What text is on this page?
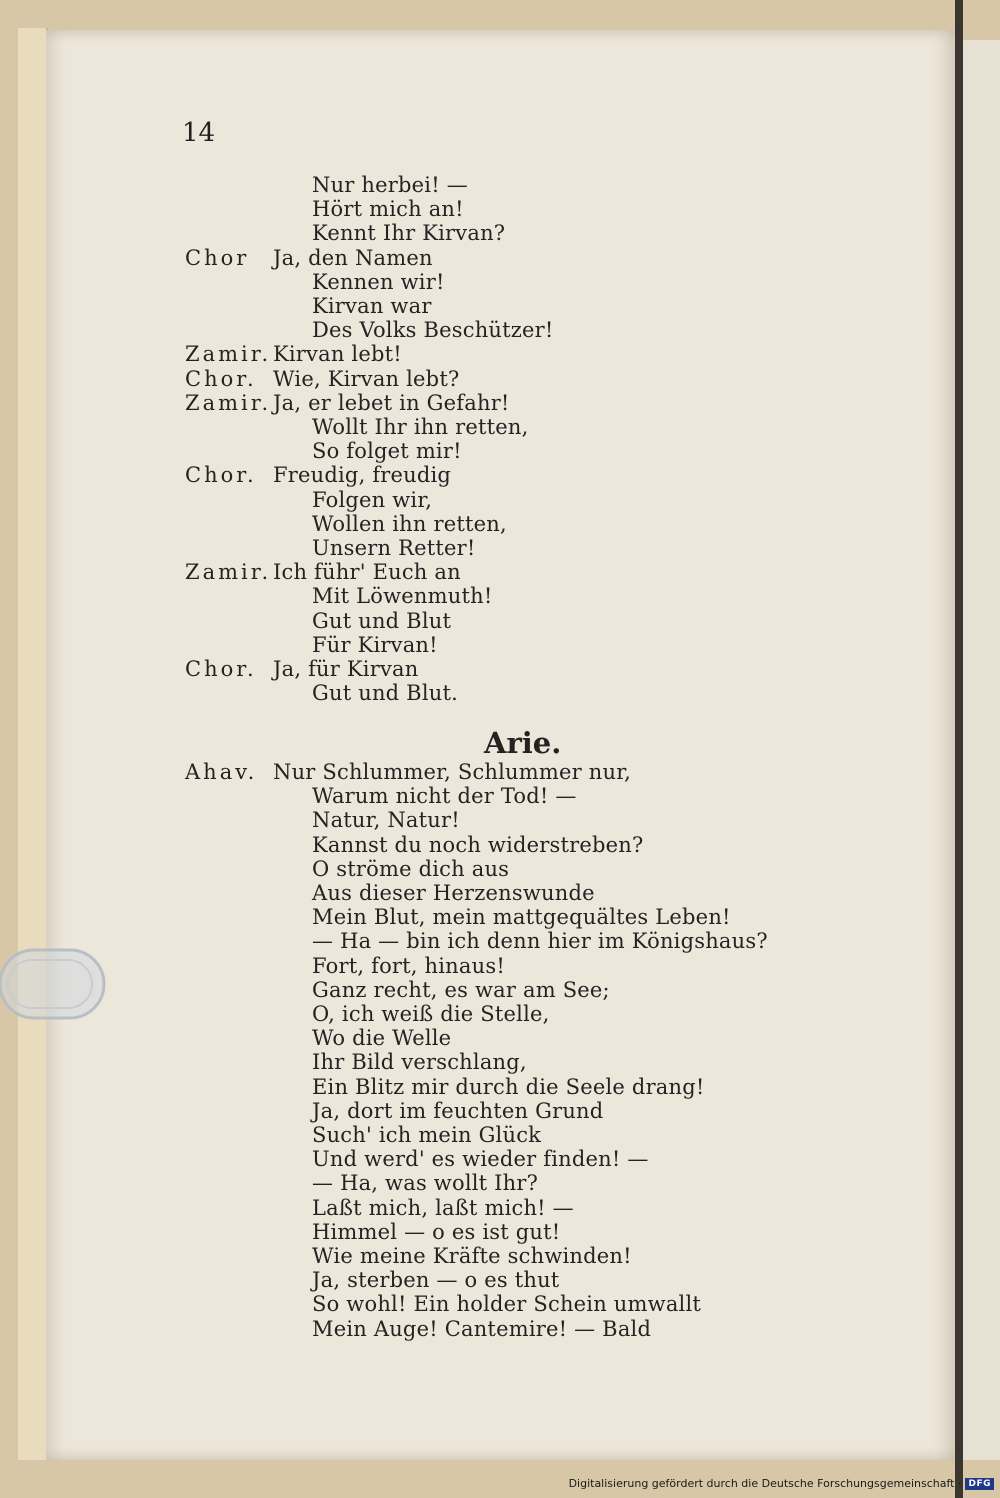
14
Nur herbei! —
Hört mich an!
Kennt Ihr Kirvan?
Chor Ja, den Namen
Kennen wir!
Kirvan war
Des Volks Beschützer!
Zamir. Kirvan lebt!
Chor. Wie, Kirvan lebt?
Zamir. Ja, er lebet in Gefahr!
Wollt Ihr ihn retten,
So folget mir!
Chor. Freudig, freudig
Folgen wir,
Wollen ihn retten,
Unsern Retter!
Zamir. Ich führ' Euch an
Mit Löwenmuth!
Gut und Blut
Für Kirvan!
Chor. Ja, für Kirvan
Gut und Blut.
Arie.
Ahav. Nur Schlummer, Schlummer nur,
Warum nicht der Tod! —
Natur, Natur!
Kannst du noch widerstreben?
O ströme dich aus
Aus dieser Herzenswunde
Mein Blut, mein mattgequältes Leben!
— Ha — bin ich denn hier im Königshaus?
Fort, fort, hinaus!
Ganz recht, es war am See;
O, ich weiß die Stelle,
Wo die Welle
Ihr Bild verschlang,
Ein Blitz mir durch die Seele drang!
Ja, dort im feuchten Grund
Such' ich mein Glück
Und werd' es wieder finden! —
— Ha, was wollt Ihr?
Laßt mich, laßt mich! —
Himmel — o es ist gut!
Wie meine Kräfte schwinden!
Ja, sterben — o es thut
So wohl! Ein holder Schein umwallt
Mein Auge! Cantemire! — Bald
Digitalisierung gefördert durch die Deutsche Forschungsgemeinschaft · DFG
